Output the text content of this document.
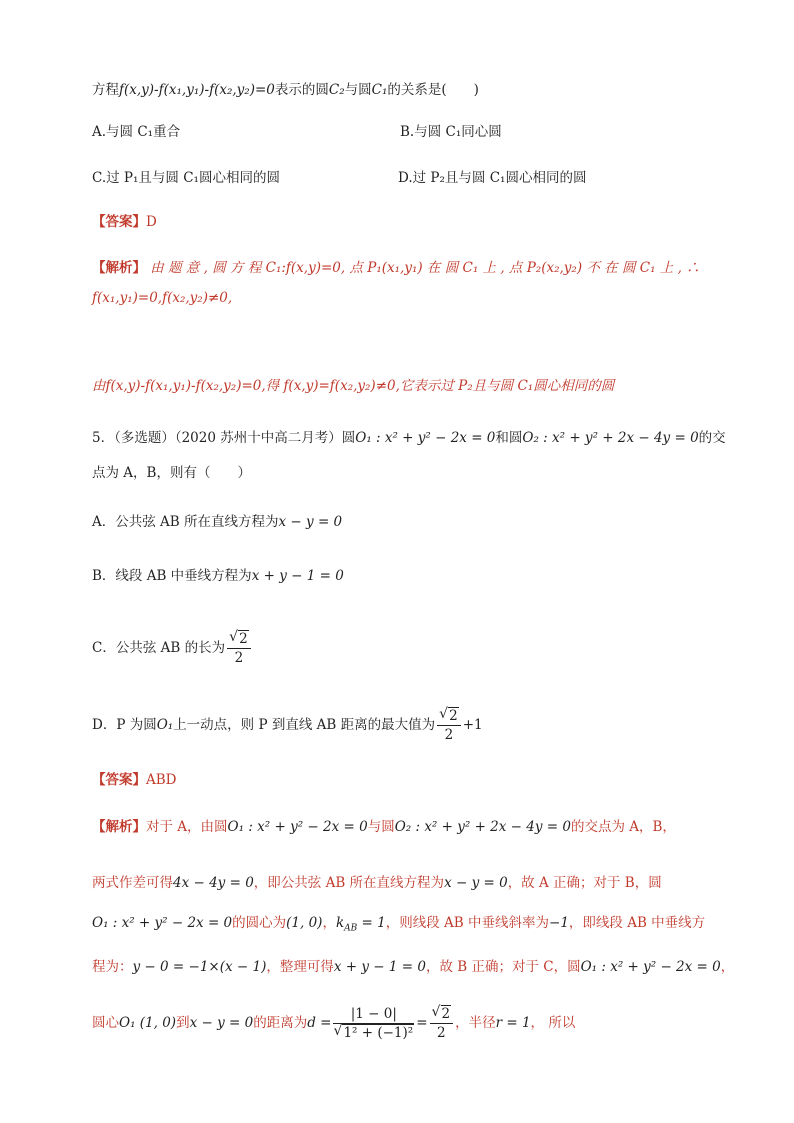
方程f(x,y)-f(x₁,y₁)-f(x₂,y₂)=0表示的圆C₂与圆C₁的关系是(　　)
A.与圆 C₁重合	B.与圆 C₁同心圆
C.过 P₁且与圆 C₁圆心相同的圆	D.过 P₂且与圆 C₁圆心相同的圆
【答案】D
【解析】 由 题 意 , 圆 方 程 C₁:f(x,y)=0, 点 P₁(x₁,y₁) 在 圆 C₁ 上 , 点 P₂(x₂,y₂) 不 在 圆 C₁ 上 , ∴
f(x₁,y₁)=0,f(x₂,y₂)≠0,
由f(x,y)-f(x₁,y₁)-f(x₂,y₂)=0,得 f(x,y)=f(x₂,y₂)≠0,它表示过 P₂且与圆 C₁圆心相同的圆
5．（多选题）（2020 苏州十中高二月考）圆O₁ : x² + y² − 2x = 0和圆O₂ : x² + y² + 2x − 4y = 0的交
点为 A，B，则有（　　）
A．公共弦 AB 所在直线方程为x − y = 0
B．线段 AB 中垂线方程为x + y − 1 = 0
C．公共弦 AB 的长为 √ $\frac{2}{2}$
D．P 为圆O₁上一动点，则 P 到直线 AB 距离的最大值为 √ $\frac{2}{2} +1$
【答案】ABD
【解析】对于 A，由圆O₁ : x² + y² − 2x = 0与圆O₂ : x² + y² + 2x − 4y = 0的交点为 A，B，
两式作差可得4x − 4y = 0，即公共弦 AB 所在直线方程为x − y = 0，故 A 正确；对于 B，圆
O₁ : x² + y² − 2x = 0的圆心为(1, 0)，$k_{AB} = 1$，则线段 AB 中垂线斜率为−1，即线段 AB 中垂线方
程为：y − 0 = −1×(x − 1)，整理可得x + y − 1 = 0，故 B 正确；对于 C，圆O₁ : x² + y² − 2x = 0，
圆心O₁ (1, 0)到x − y = 0的距离为d = |1 − 0|
√ 1² + (−1)² = √ $\frac{2}{2}$ ，半径r = 1， 所以
